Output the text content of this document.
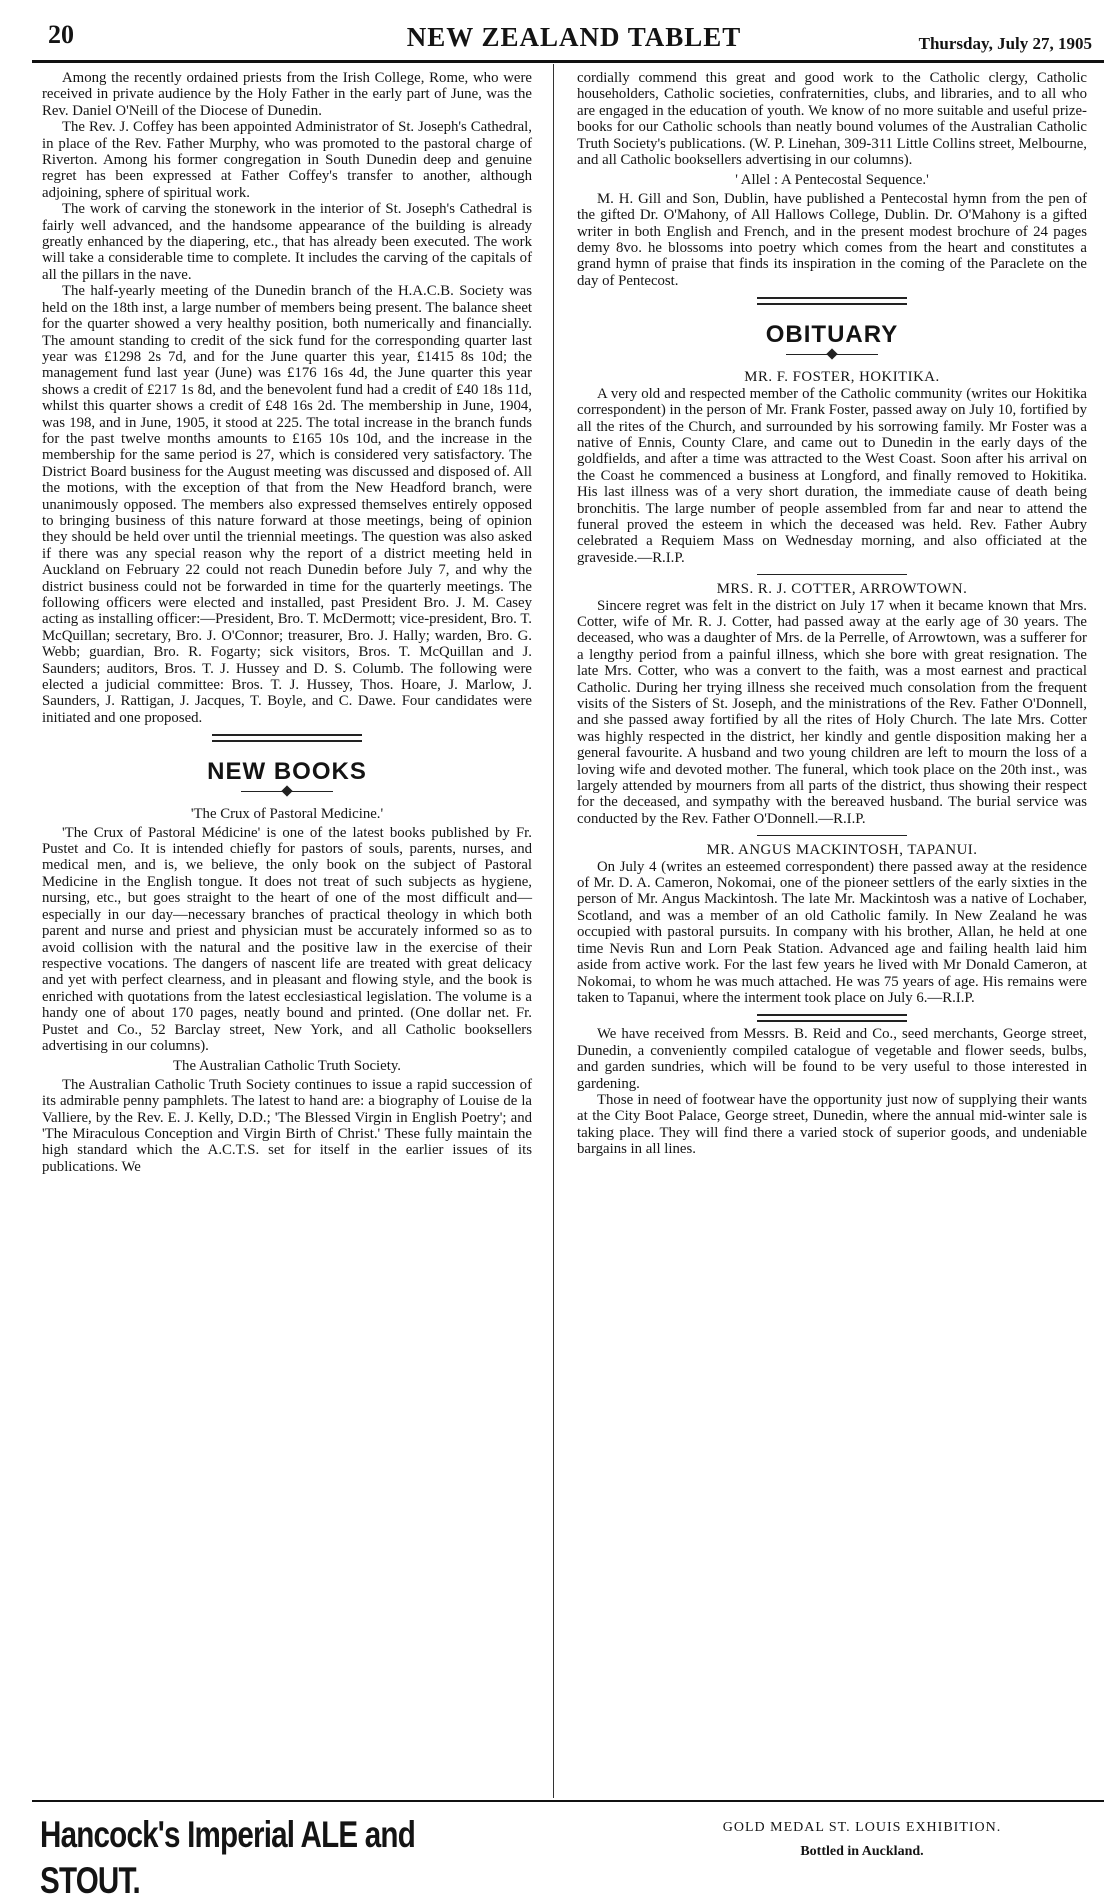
20	NEW ZEALAND TABLET	Thursday, July 27, 1905

Among the recently ordained priests from the Irish College, Rome, who were received in private audience by the Holy Father in the early part of June, was the Rev. Daniel O'Neill of the Diocese of Dunedin.

The Rev. J. Coffey has been appointed Administrator of St. Joseph's Cathedral, in place of the Rev. Father Murphy, who was promoted to the pastoral charge of Riverton. Among his former congregation in South Dunedin deep and genuine regret has been expressed at Father Coffey's transfer to another, although adjoining, sphere of spiritual work.

The work of carving the stonework in the interior of St. Joseph's Cathedral is fairly well advanced, and the handsome appearance of the building is already greatly enhanced by the diapering, etc., that has already been executed. The work will take a considerable time to complete. It includes the carving of the capitals of all the pillars in the nave.

The half-yearly meeting of the Dunedin branch of the H.A.C.B. Society was held on the 18th inst, a large number of members being present. The balance sheet for the quarter showed a very healthy position, both numerically and financially. The amount standing to credit of the sick fund for the corresponding quarter last year was £1298 2s 7d, and for the June quarter this year, £1415 8s 10d; the management fund last year (June) was £176 16s 4d, the June quarter this year shows a credit of £217 1s 8d, and the benevolent fund had a credit of £40 18s 11d, whilst this quarter shows a credit of £48 16s 2d. The membership in June, 1904, was 198, and in June, 1905, it stood at 225. The total increase in the branch funds for the past twelve months amounts to £165 10s 10d, and the increase in the membership for the same period is 27, which is considered very satisfactory. The District Board business for the August meeting was discussed and disposed of. All the motions, with the exception of that from the New Headford branch, were unanimously opposed. The members also expressed themselves entirely opposed to bringing business of this nature forward at those meetings, being of opinion they should be held over until the triennial meetings. The question was also asked if there was any special reason why the report of a district meeting held in Auckland on February 22 could not reach Dunedin before July 7, and why the district business could not be forwarded in time for the quarterly meetings. The following officers were elected and installed, past President Bro. J. M. Casey acting as installing officer:—President, Bro. T. McDermott; vice-president, Bro. T. McQuillan; secretary, Bro. J. O'Connor; treasurer, Bro. J. Hally; warden, Bro. G. Webb; guardian, Bro. R. Fogarty; sick visitors, Bros. T. McQuillan and J. Saunders; auditors, Bros. T. J. Hussey and D. S. Columb. The following were elected a judicial committee: Bros. T. J. Hussey, Thos. Hoare, J. Marlow, J. Saunders, J. Rattigan, J. Jacques, T. Boyle, and C. Dawe. Four candidates were initiated and one proposed.

NEW BOOKS

'The Crux of Pastoral Medicine.'

'The Crux of Pastoral Médicine' is one of the latest books published by Fr. Pustet and Co. It is intended chiefly for pastors of souls, parents, nurses, and medical men, and is, we believe, the only book on the subject of Pastoral Medicine in the English tongue. It does not treat of such subjects as hygiene, nursing, etc., but goes straight to the heart of one of the most difficult and—especially in our day—necessary branches of practical theology in which both parent and nurse and priest and physician must be accurately informed so as to avoid collision with the natural and the positive law in the exercise of their respective vocations. The dangers of nascent life are treated with great delicacy and yet with perfect clearness, and in pleasant and flowing style, and the book is enriched with quotations from the latest ecclesiastical legislation. The volume is a handy one of about 170 pages, neatly bound and printed. (One dollar net. Fr. Pustet and Co., 52 Barclay street, New York, and all Catholic booksellers advertising in our columns).

The Australian Catholic Truth Society.

The Australian Catholic Truth Society continues to issue a rapid succession of its admirable penny pamphlets. The latest to hand are: a biography of Louise de la Valliere, by the Rev. E. J. Kelly, D.D.; 'The Blessed Virgin in English Poetry'; and 'The Miraculous Conception and Virgin Birth of Christ.' These fully maintain the high standard which the A.C.T.S. set for itself in the earlier issues of its publications. We

cordially commend this great and good work to the Catholic clergy, Catholic householders, Catholic societies, confraternities, clubs, and libraries, and to all who are engaged in the education of youth. We know of no more suitable and useful prize-books for our Catholic schools than neatly bound volumes of the Australian Catholic Truth Society's publications. (W. P. Linehan, 309-311 Little Collins street, Melbourne, and all Catholic booksellers advertising in our columns).

' Allel : A Pentecostal Sequence.'

M. H. Gill and Son, Dublin, have published a Pentecostal hymn from the pen of the gifted Dr. O'Mahony, of All Hallows College, Dublin. Dr. O'Mahony is a gifted writer in both English and French, and in the present modest brochure of 24 pages demy 8vo. he blossoms into poetry which comes from the heart and constitutes a grand hymn of praise that finds its inspiration in the coming of the Paraclete on the day of Pentecost.

OBITUARY

MR. F. FOSTER, HOKITIKA.

A very old and respected member of the Catholic community (writes our Hokitika correspondent) in the person of Mr. Frank Foster, passed away on July 10, fortified by all the rites of the Church, and surrounded by his sorrowing family. Mr Foster was a native of Ennis, County Clare, and came out to Dunedin in the early days of the goldfields, and after a time was attracted to the West Coast. Soon after his arrival on the Coast he commenced a business at Longford, and finally removed to Hokitika. His last illness was of a very short duration, the immediate cause of death being bronchitis. The large number of people assembled from far and near to attend the funeral proved the esteem in which the deceased was held. Rev. Father Aubry celebrated a Requiem Mass on Wednesday morning, and also officiated at the graveside.—R.I.P.

MRS. R. J. COTTER, ARROWTOWN.

Sincere regret was felt in the district on July 17 when it became known that Mrs. Cotter, wife of Mr. R. J. Cotter, had passed away at the early age of 30 years. The deceased, who was a daughter of Mrs. de la Perrelle, of Arrowtown, was a sufferer for a lengthy period from a painful illness, which she bore with great resignation. The late Mrs. Cotter, who was a convert to the faith, was a most earnest and practical Catholic. During her trying illness she received much consolation from the frequent visits of the Sisters of St. Joseph, and the ministrations of the Rev. Father O'Donnell, and she passed away fortified by all the rites of Holy Church. The late Mrs. Cotter was highly respected in the district, her kindly and gentle disposition making her a general favourite. A husband and two young children are left to mourn the loss of a loving wife and devoted mother. The funeral, which took place on the 20th inst., was largely attended by mourners from all parts of the district, thus showing their respect for the deceased, and sympathy with the bereaved husband. The burial service was conducted by the Rev. Father O'Donnell.—R.I.P.

MR. ANGUS MACKINTOSH, TAPANUI.

On July 4 (writes an esteemed correspondent) there passed away at the residence of Mr. D. A. Cameron, Nokomai, one of the pioneer settlers of the early sixties in the person of Mr. Angus Mackintosh. The late Mr. Mackintosh was a native of Lochaber, Scotland, and was a member of an old Catholic family. In New Zealand he was occupied with pastoral pursuits. In company with his brother, Allan, he held at one time Nevis Run and Lorn Peak Station. Advanced age and failing health laid him aside from active work. For the last few years he lived with Mr Donald Cameron, at Nokomai, to whom he was much attached. He was 75 years of age. His remains were taken to Tapanui, where the interment took place on July 6.—R.I.P.

We have received from Messrs. B. Reid and Co., seed merchants, George street, Dunedin, a conveniently compiled catalogue of vegetable and flower seeds, bulbs, and garden sundries, which will be found to be very useful to those interested in gardening.

Those in need of footwear have the opportunity just now of supplying their wants at the City Boot Palace, George street, Dunedin, where the annual mid-winter sale is taking place. They will find there a varied stock of superior goods, and undeniable bargains in all lines.

Hancock's Imperial ALE and STOUT.
GOLD MEDAL ST. LOUIS EXHIBITION.
Bottled in Auckland.
